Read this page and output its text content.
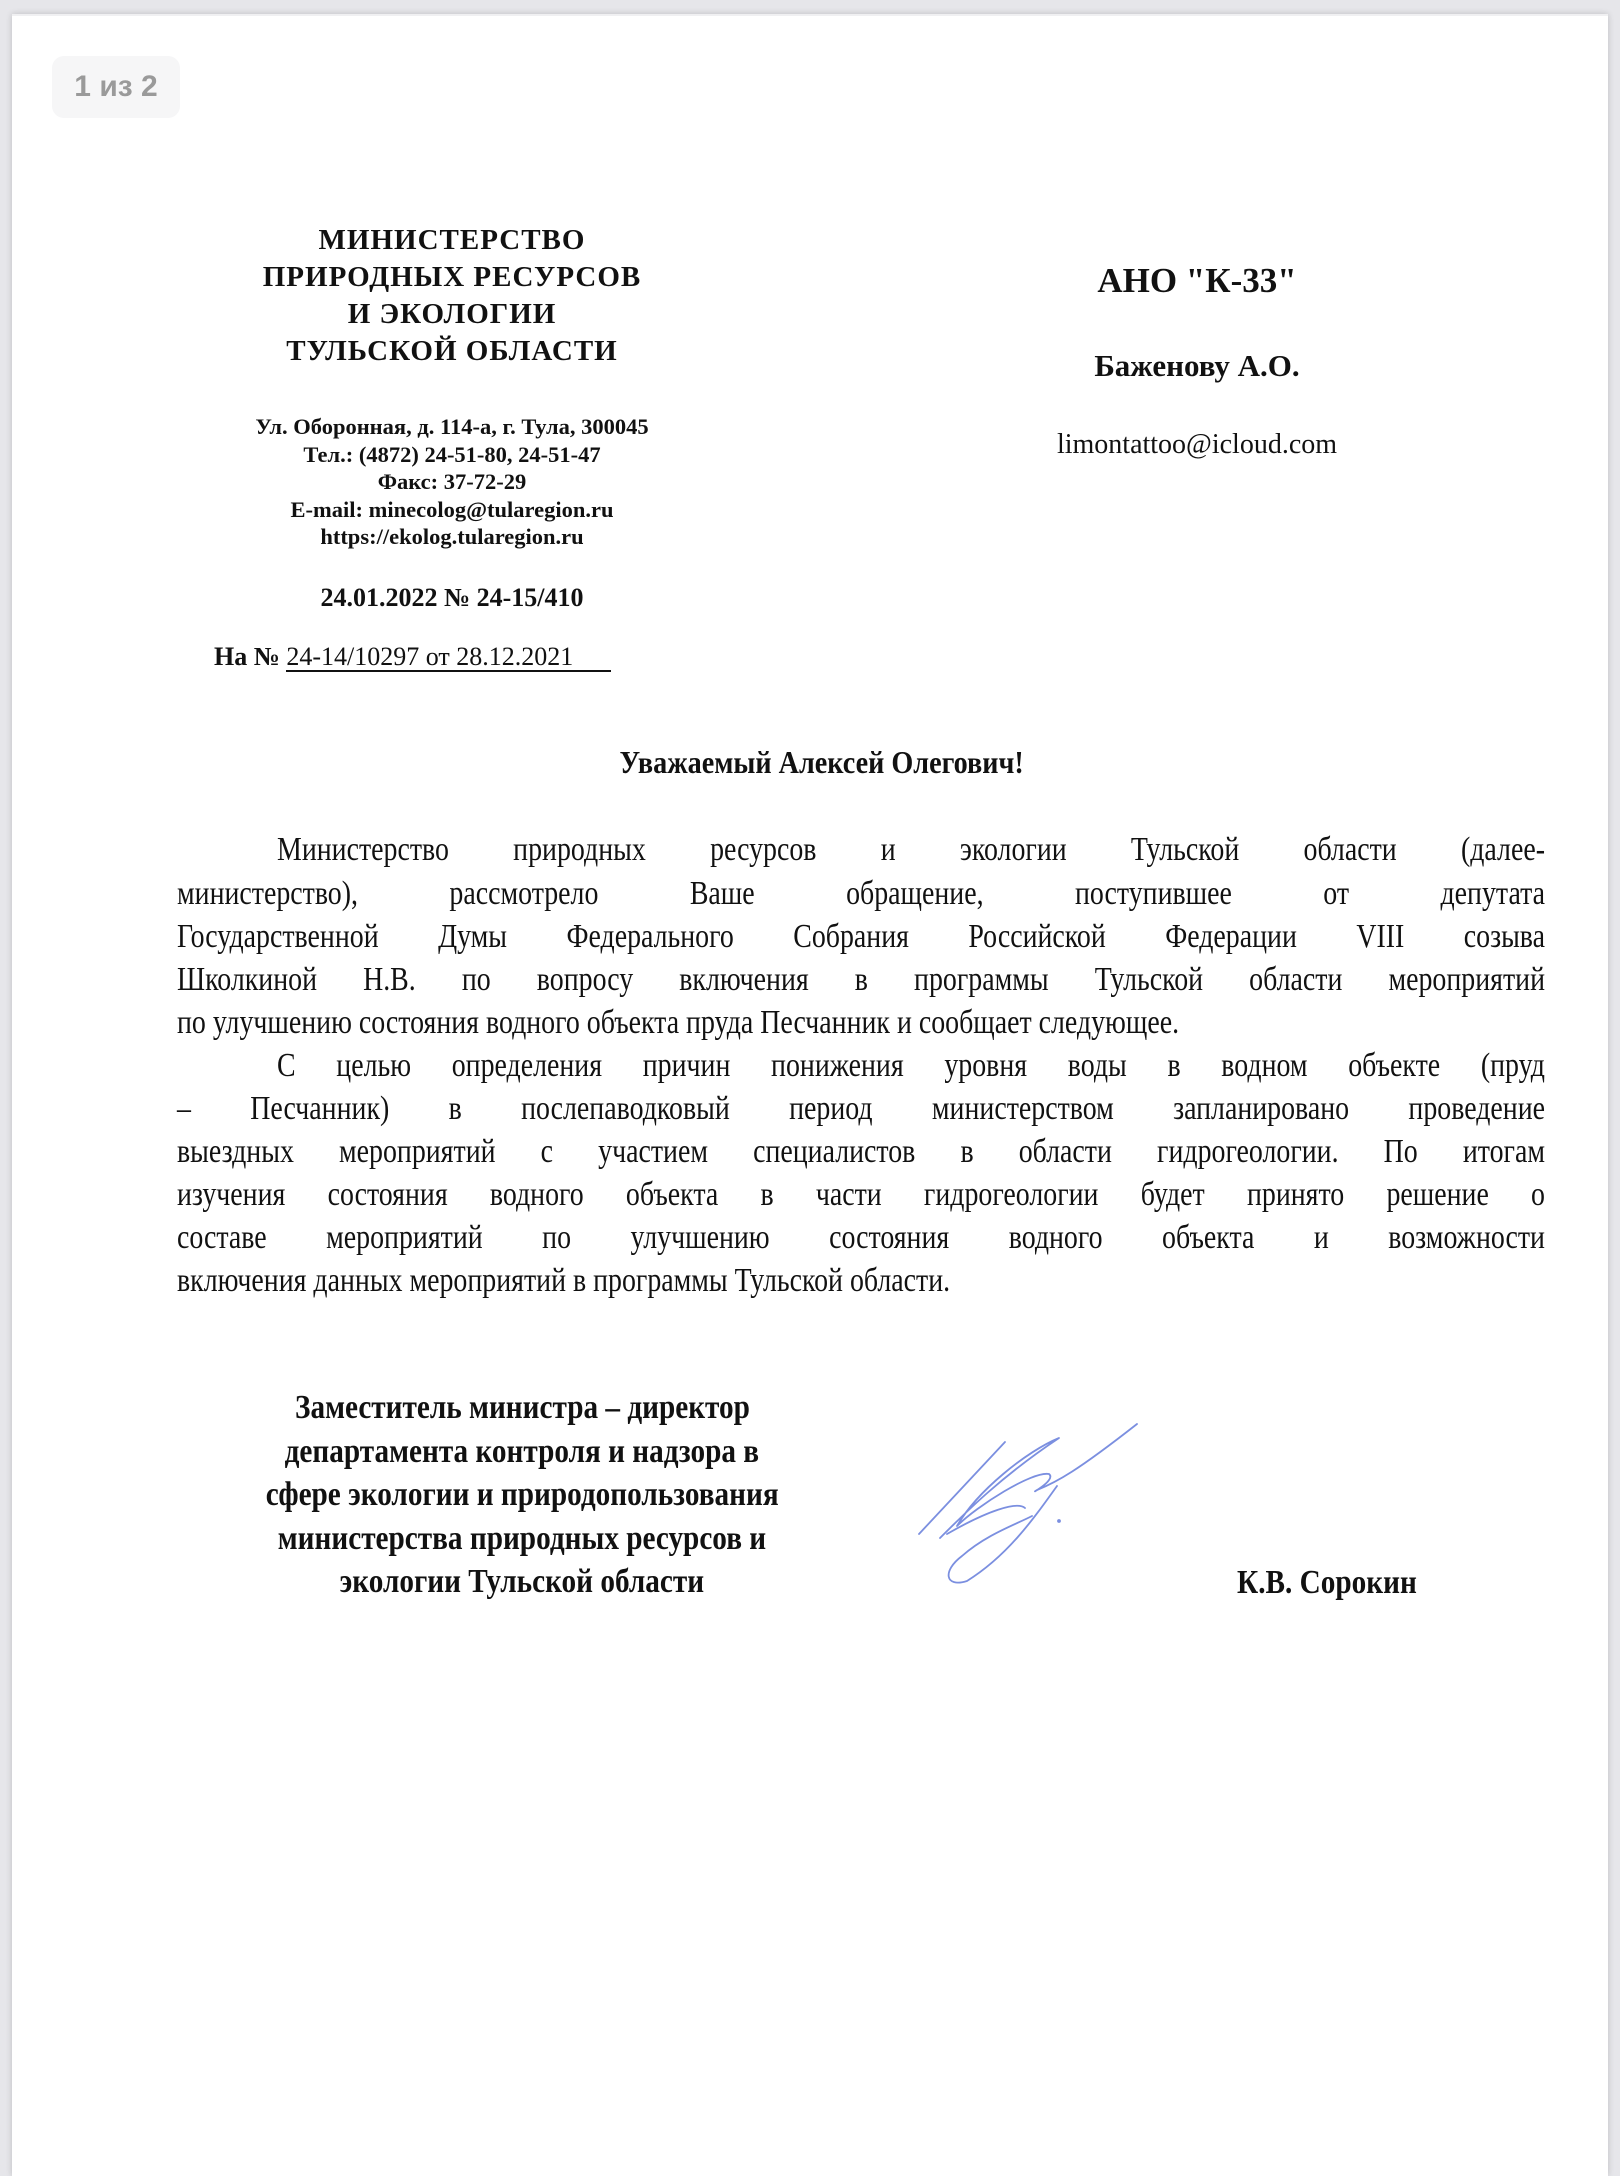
1 из 2
МИНИСТЕРСТВО
ПРИРОДНЫХ РЕСУРСОВ
И ЭКОЛОГИИ
ТУЛЬСКОЙ ОБЛАСТИ
Ул. Оборонная, д. 114-а, г. Тула, 300045
Тел.: (4872) 24-51-80, 24-51-47
Факс: 37-72-29
E-mail: minecolog@tularegion.ru
https://ekolog.tularegion.ru
24.01.2022 № 24-15/410
На № 24-14/10297 от 28.12.2021
АНО "К-33"
Баженову А.О.
limontattoo@icloud.com
Уважаемый Алексей Олегович!
Министерство природных ресурсов и экологии Тульской области (далее-
министерство), рассмотрело Ваше обращение, поступившее от депутата
Государственной Думы Федерального Собрания Российской Федерации VIII созыва
Школкиной Н.В. по вопросу включения в программы Тульской области мероприятий
по улучшению состояния водного объекта пруда Песчанник и сообщает следующее.
С целью определения причин понижения уровня воды в водном объекте (пруд
– Песчанник) в послепаводковый период министерством запланировано проведение
выездных мероприятий с участием специалистов в области гидрогеологии. По итогам
изучения состояния водного объекта в части гидрогеологии будет принято решение о
составе мероприятий по улучшению состояния водного объекта и возможности
включения данных мероприятий в программы Тульской области.
Заместитель министра – директор
департамента контроля и надзора в
сфере экологии и природопользования
министерства природных ресурсов и
экологии Тульской области	К.В. Сорокин
